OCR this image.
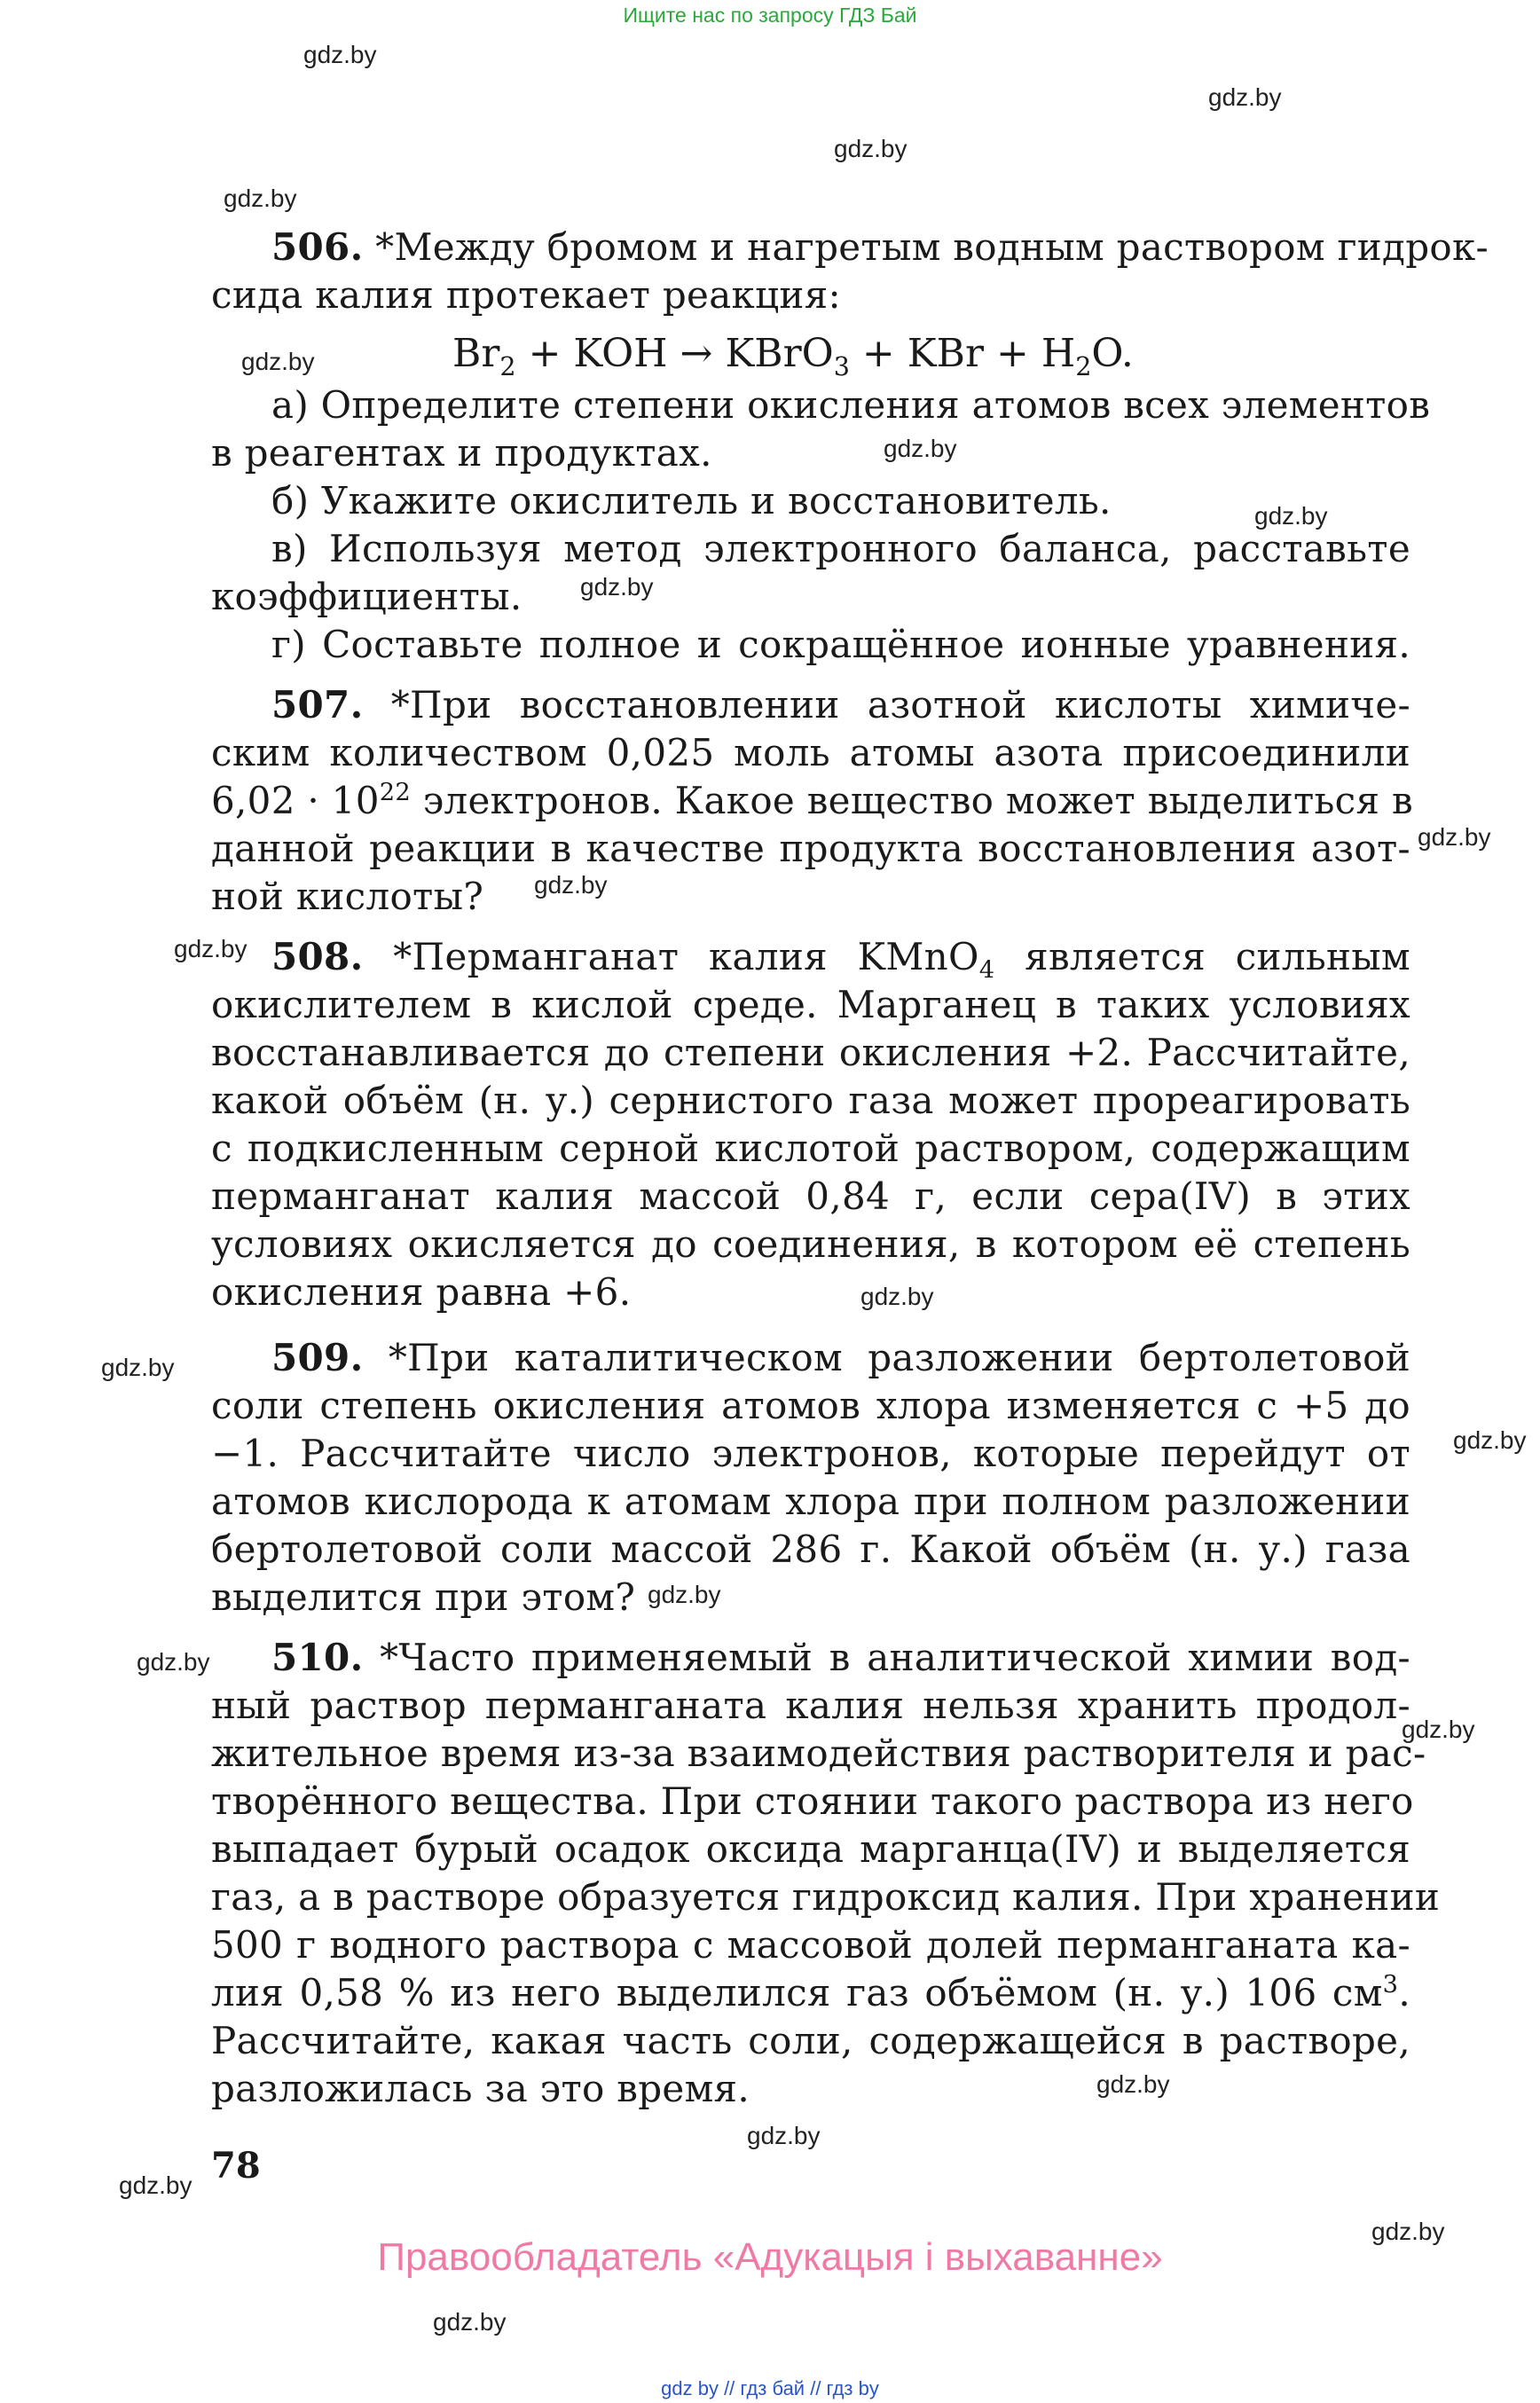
Ищите нас по запросу ГДЗ Бай
gdz.by
gdz.by
gdz.by
gdz.by
gdz.by
gdz.by
gdz.by
gdz.by
gdz.by
gdz.by
gdz.by
gdz.by
gdz.by
gdz.by
gdz.by
gdz.by
gdz.by
gdz.by
gdz.by
gdz.by
gdz.by
gdz.by
506. *Между бромом и нагретым водным раствором гидрок-
сида калия протекает реакция:
$Br_2$ + KOH → KBrO$_3$ + KBr + $H_2O$.
а) Определите степени окисления атомов всех элементов
в реагентах и продуктах.
б) Укажите окислитель и восстановитель.
в) Используя метод электронного баланса, расставьте
коэффициенты.
г) Составьте полное и сокращённое ионные уравнения.
507. *При восстановлении азотной кислоты химиче-
ским количеством 0,025 моль атомы азота присоединили
$6,02 \cdot 10^{22}$ электронов. Какое вещество может выделиться в
данной реакции в качестве продукта восстановления азот-
ной кислоты?
508. *Перманганат калия KMnO$_4$ является сильным
окислителем в кислой среде. Марганец в таких условиях
восстанавливается до степени окисления +2. Рассчитайте,
какой объём (н. у.) сернистого газа может прореагировать
с подкисленным серной кислотой раствором, содержащим
перманганат калия массой 0,84 г, если сера(IV) в этих
условиях окисляется до соединения, в котором её степень
окисления равна +6.
509. *При каталитическом разложении бертолетовой
соли степень окисления атомов хлора изменяется с +5 до
−1. Рассчитайте число электронов, которые перейдут от
атомов кислорода к атомам хлора при полном разложении
бертолетовой соли массой 286 г. Какой объём (н. у.) газа
выделится при этом?
510. *Часто применяемый в аналитической химии вод-
ный раствор перманганата калия нельзя хранить продол-
жительное время из-за взаимодействия растворителя и рас-
творённого вещества. При стоянии такого раствора из него
выпадает бурый осадок оксида марганца(IV) и выделяется
газ, а в растворе образуется гидроксид калия. При хранении
500 г водного раствора с массовой долей перманганата ка-
лия 0,58 % из него выделился газ объёмом (н. у.) 106 $см^3$.
Рассчитайте, какая часть соли, содержащейся в растворе,
разложилась за это время.
78
Правообладатель «Адукацыя і выхаванне»
gdz by // гдз бай // гдз by
